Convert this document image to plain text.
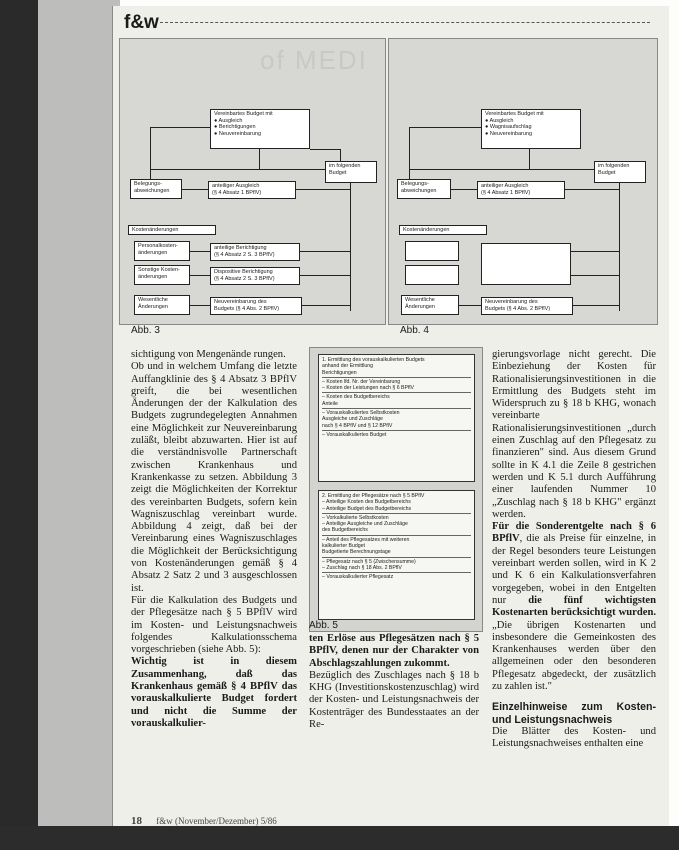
f&w
of MEDI
Vereinbartes Budget mit
● Ausgleich
● Berichtigungen
● Neuvereinbarung
im folgenden
Budget
Belegungs-
abweichungen
anteiliger Ausgleich
(§ 4 Absatz 1 BPflV)
Kostenänderungen
Personalkosten-
änderungen
Sonstige Kosten-
änderungen
anteilige Berichtigung
(§ 4 Absatz 2 S. 3 BPflV)
Dispositive Berichtigung
(§ 4 Absatz 2 S. 3 BPflV)
Wesentliche
Änderungen
Neuvereinbarung des
Budgets (§ 4 Abs. 2 BPflV)
Abb. 3
Vereinbartes Budget mit
● Ausgleich
● Wagnisaufschlag
● Neuvereinbarung
im folgenden
Budget
Belegungs-
abweichungen
anteiliger Ausgleich
(§ 4 Absatz 1 BPflV)
Kostenänderungen
Wesentliche
Änderungen
Neuvereinbarung des
Budgets (§ 4 Abs. 2 BPflV)
Abb. 4

sichtigung von Mengenände rungen.

Ob und in welchem Umfang die letzte Auffangklinie des § 4 Absatz 3 BPflV greift, die bei wesentlichen Änderungen der der Kalkulation des Budgets zugrundegelegten Annahmen eine Möglichkeit zur Neuvereinbarung zuläßt, bleibt abzuwarten. Hier ist auf die verständnisvolle Partnerschaft zwischen Krankenhaus und Krankenkasse zu setzen. Abbildung 3 zeigt die Möglichkeiten der Korrektur des vereinbarten Budgets, sofern kein Wagniszuschlag vereinbart wurde. Abbildung 4 zeigt, daß bei der Vereinbarung eines Wagniszuschlages die Möglichkeit der Berücksichtigung von Kostenänderungen gemäß § 4 Absatz 2 Satz 2 und 3 ausgeschlossen ist.

Für die Kalkulation des Budgets und der Pflegesätze nach § 5 BPflV wird im Kosten- und Leistungsnachweis folgendes Kalkulationsschema vorgeschrieben (siehe Abb. 5):

Wichtig ist in diesem Zusammenhang, daß das Krankenhaus gemäß § 4 BPflV das vorauskalkulierte Budget fordert und nicht die Summe der vorauskalkulier-

1. Ermittlung des vorauskalkulierten Budgets
anhand der Ermittlung
Berichtigungen
– Kosten lfd. Nr. der Vereinbarung
– Kosten der Leistungen nach § 6 BPflV
– Kosten des Budgetbereichs
Anteile
– Vorauskalkuliertes Selbstkosten
Ausgleiche und Zuschläge
nach § 4 BPflV und § 12 BPflV
– Vorauskalkuliertes Budget
2. Ermittlung der Pflegesätze nach § 5 BPflV
– Anteilige Kosten des Budgetbereichs
– Anteilige Budget des Budgetbereichs
– Vorkalkulierte Selbstkosten
– Anteilige Ausgleiche und Zuschläge
des Budgetbereichs
– Anteil des Pflegesatzes mit weiteren
kalkulierter Budget
Budgetierte Berechnungstage
– Pflegesatz nach § 5 (Zwischensumme)
– Zuschlag nach § 18 Abs. 2 BPflV
– Vorauskalkulierter Pflegesatz
Abb. 5

ten Erlöse aus Pflegesätzen nach § 5 BPflV, denen nur der Charakter von Abschlagszahlungen zukommt.

Bezüglich des Zuschlages nach § 18 b KHG (Investitionskostenzuschlag) wird der Kosten- und Leistungsnachweis der Kostenträger des Bundesstaates an der Re-

gierungsvorlage nicht gerecht. Die Einbeziehung der Kosten für Rationalisierungsinvestitionen in die Ermittlung des Budgets steht im Widerspruch zu § 18 b KHG, wonach vereinbarte Rationalisierungsinvestitionen „durch einen Zuschlag auf den Pflegesatz zu finanzieren" sind. Aus diesem Grund sollte in K 4.1 die Zeile 8 gestrichen werden und K 5.1 durch Aufführung einer laufenden Nummer 10 „Zuschlag nach § 18 b KHG" ergänzt werden.

Für die Sonderentgelte nach § 6 BPflV, die als Preise für einzelne, in der Regel besonders teure Leistungen vereinbart werden sollen, wird in K 2 und K 6 ein Kalkulationsverfahren vorgegeben, wobei in den Entgelten nur die fünf wichtigsten Kostenarten berücksichtigt wurden. „Die übrigen Kostenarten und insbesondere die Gemeinkosten des Krankenhauses werden über den allgemeinen oder den besonderen Pflegesatz abgedeckt, der zusätzlich zu zahlen ist."

Einzelhinweise zum Kosten- und Leistungsnachweis

Die Blätter des Kosten- und Leistungsnachweises enthalten eine

18 f&w (November/Dezember) 5/86
